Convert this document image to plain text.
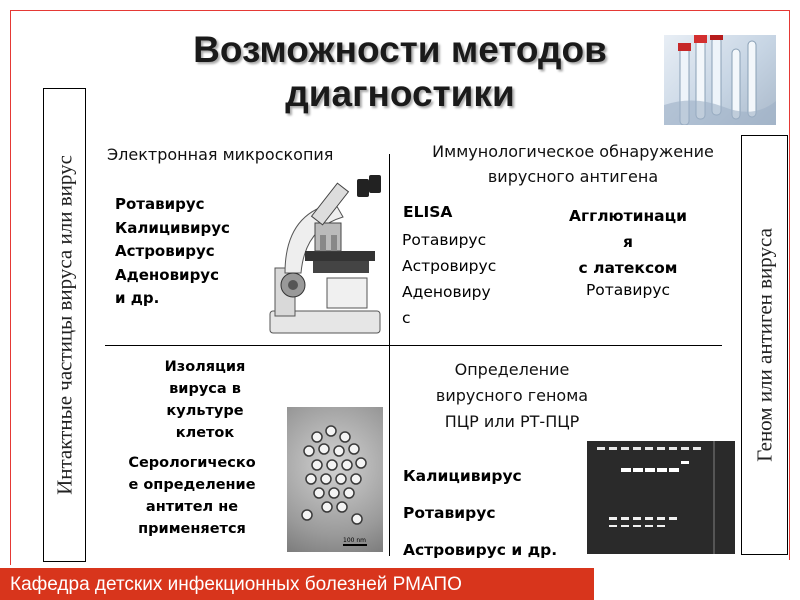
Возможности методов
диагностики
Интактные частицы вируса или вирус	Геном или антиген вируса
Электронная микроскопия
Ротавирус
Калицивирус
Астровирус
Аденовирус
и др.
Иммунологическое обнаружение
вирусного антигена
ELISA
Ротавирус
Астровирус
Аденовиру
с
Агглютинаци
я
с латексом
Ротавирус
Изоляция
вируса в
культуре
клеток
Серологическо
е определение
антител не
применяется
100 nm
Определение
вирусного генома
ПЦР или РТ-ПЦР
Калицивирус
Ротавирус
Астровирус и др.
Кафедра детских инфекционных болезней РМАПО
